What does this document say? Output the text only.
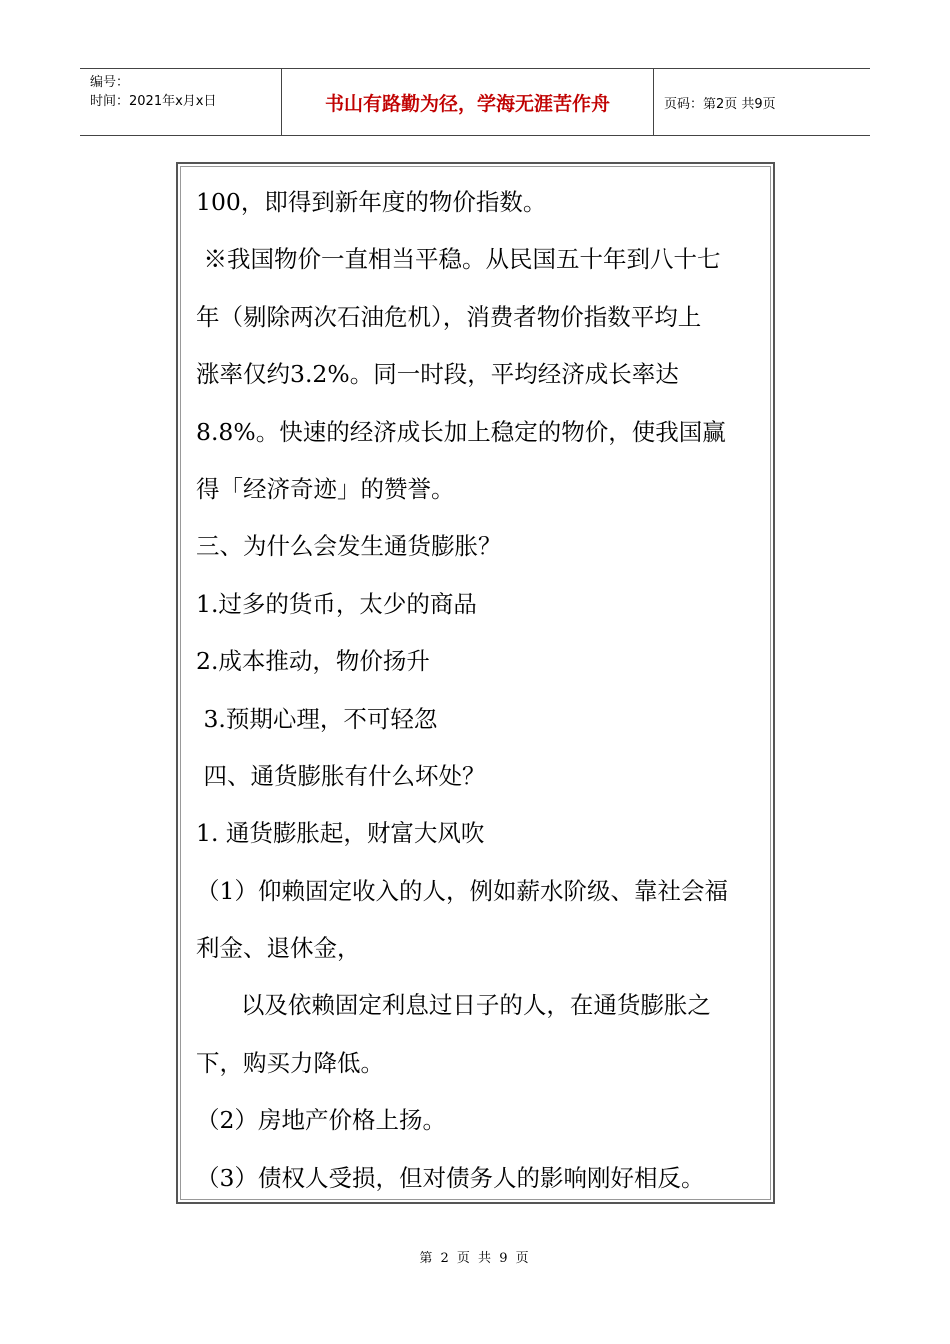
编号：
时间：2021年x月x日	书山有路勤为径，学海无涯苦作舟	页码：第2页 共9页
100，即得到新年度的物价指数。
※我国物价一直相当平稳。从民国五十年到八十七
年（剔除两次石油危机），消费者物价指数平均上
涨率仅约3.2%。同一时段，平均经济成长率达
8.8%。快速的经济成长加上稳定的物价，使我国赢
得「经济奇迹」的赞誉。
三、为什么会发生通货膨胀？
1.过多的货币，太少的商品
2.成本推动，物价扬升
3.预期心理，不可轻忽
四、通货膨胀有什么坏处？
1. 通货膨胀起，财富大风吹
（1）仰赖固定收入的人，例如薪水阶级、靠社会福
利金、退休金，
以及依赖固定利息过日子的人，在通货膨胀之
下，购买力降低。
（2）房地产价格上扬。
（3）债权人受损，但对债务人的影响刚好相反。
第 2 页 共 9 页
